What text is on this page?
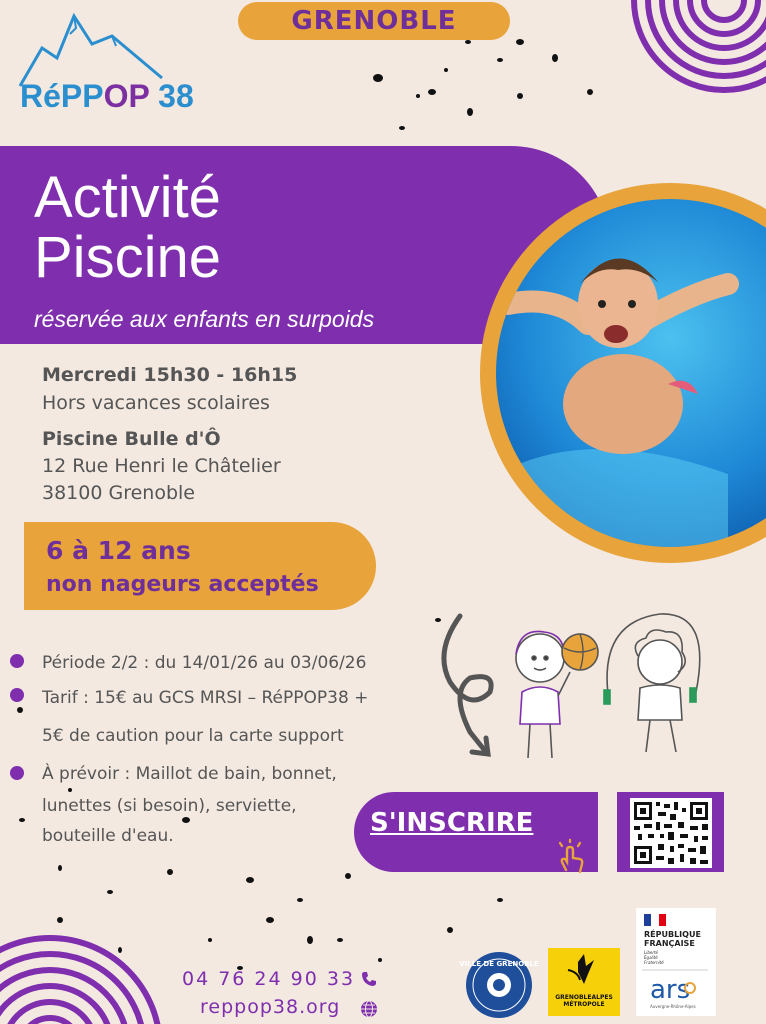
RéPPOP 38
GRENOBLE
Activité
Piscine
réservée aux enfants en surpoids
Mercredi 15h30 - 16h15
Hors vacances scolaires
Piscine Bulle d'Ô
12 Rue Henri le Châtelier
38100 Grenoble
6 à 12 ans
non nageurs acceptés
Période 2/2 : du 14/01/26 au 03/06/26
Tarif : 15€ au GCS MRSI – RéPPOP38 +
5€ de caution pour la carte support
À prévoir : Maillot de bain, bonnet,
lunettes (si besoin), serviette,
bouteille d'eau.	S'INSCRIRE
04 76 24 90 33
reppop38.org
VILLE DE GRENOBLE
GRENOBLEALPES
MÉTROPOLE
RÉPUBLIQUE
FRANÇAISE
Liberté
Égalité
Fraternité
ars
Auvergne-Rhône-Alpes
